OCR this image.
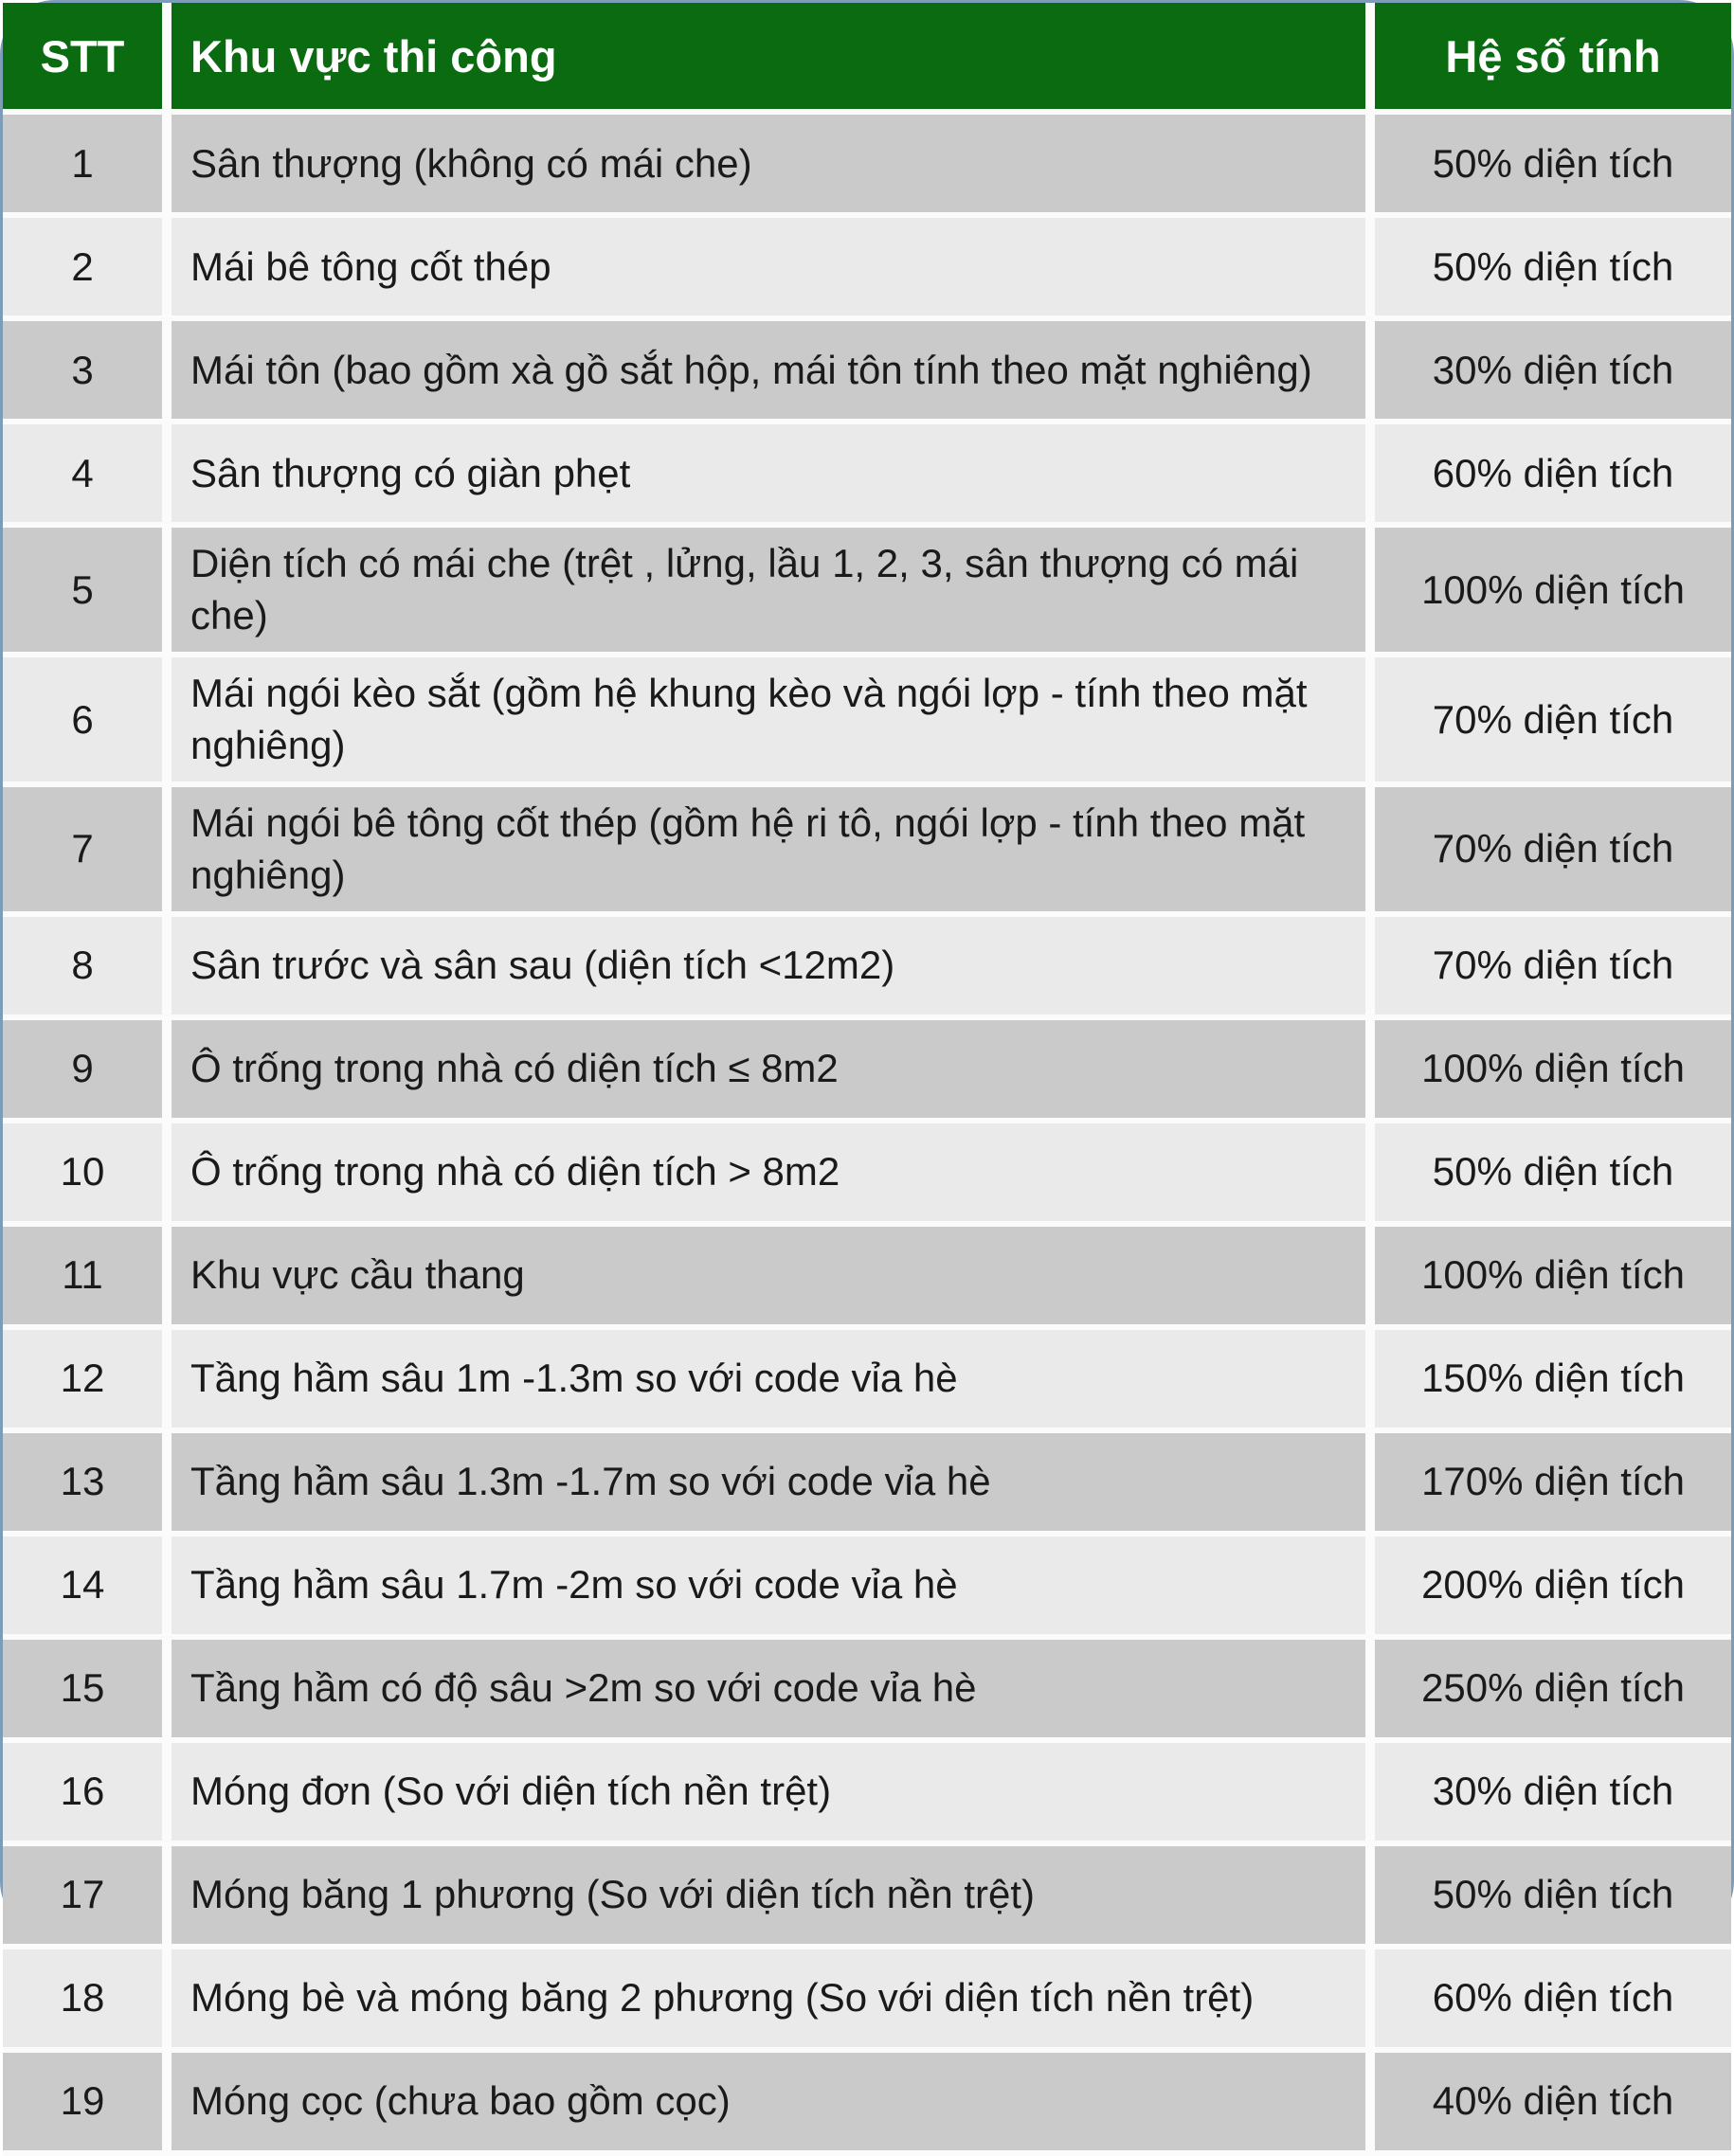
STT	Khu vực thi công	Hệ số tính
1	Sân thượng (không có mái che)	50% diện tích
2	Mái bê tông cốt thép	50% diện tích
3	Mái tôn (bao gồm xà gồ sắt hộp, mái tôn tính theo mặt nghiêng)	30% diện tích
4	Sân thượng có giàn phẹt	60% diện tích
5	Diện tích có mái che (trệt , lửng, lầu 1, 2, 3, sân thượng có mái che)	100% diện tích
6	Mái ngói kèo sắt (gồm hệ khung kèo và ngói lợp - tính theo mặt nghiêng)	70% diện tích
7	Mái ngói bê tông cốt thép (gồm hệ ri tô, ngói lợp - tính theo mặt nghiêng)	70% diện tích
8	Sân trước và sân sau (diện tích <12m2)	70% diện tích
9	Ô trống trong nhà có diện tích ≤ 8m2	100% diện tích
10	Ô trống trong nhà có diện tích > 8m2	50% diện tích
11	Khu vực cầu thang	100% diện tích
12	Tầng hầm sâu 1m -1.3m so với code vỉa hè	150% diện tích
13	Tầng hầm sâu 1.3m -1.7m so với code vỉa hè	170% diện tích
14	Tầng hầm sâu 1.7m -2m so với code vỉa hè	200% diện tích
15	Tầng hầm có độ sâu >2m so với code vỉa hè	250% diện tích
16	Móng đơn (So với diện tích nền trệt)	30% diện tích
17	Móng băng 1 phương (So với diện tích nền trệt)	50% diện tích
18	Móng bè và móng băng 2 phương (So với diện tích nền trệt)	60% diện tích
19	Móng cọc (chưa bao gồm cọc)	40% diện tích
